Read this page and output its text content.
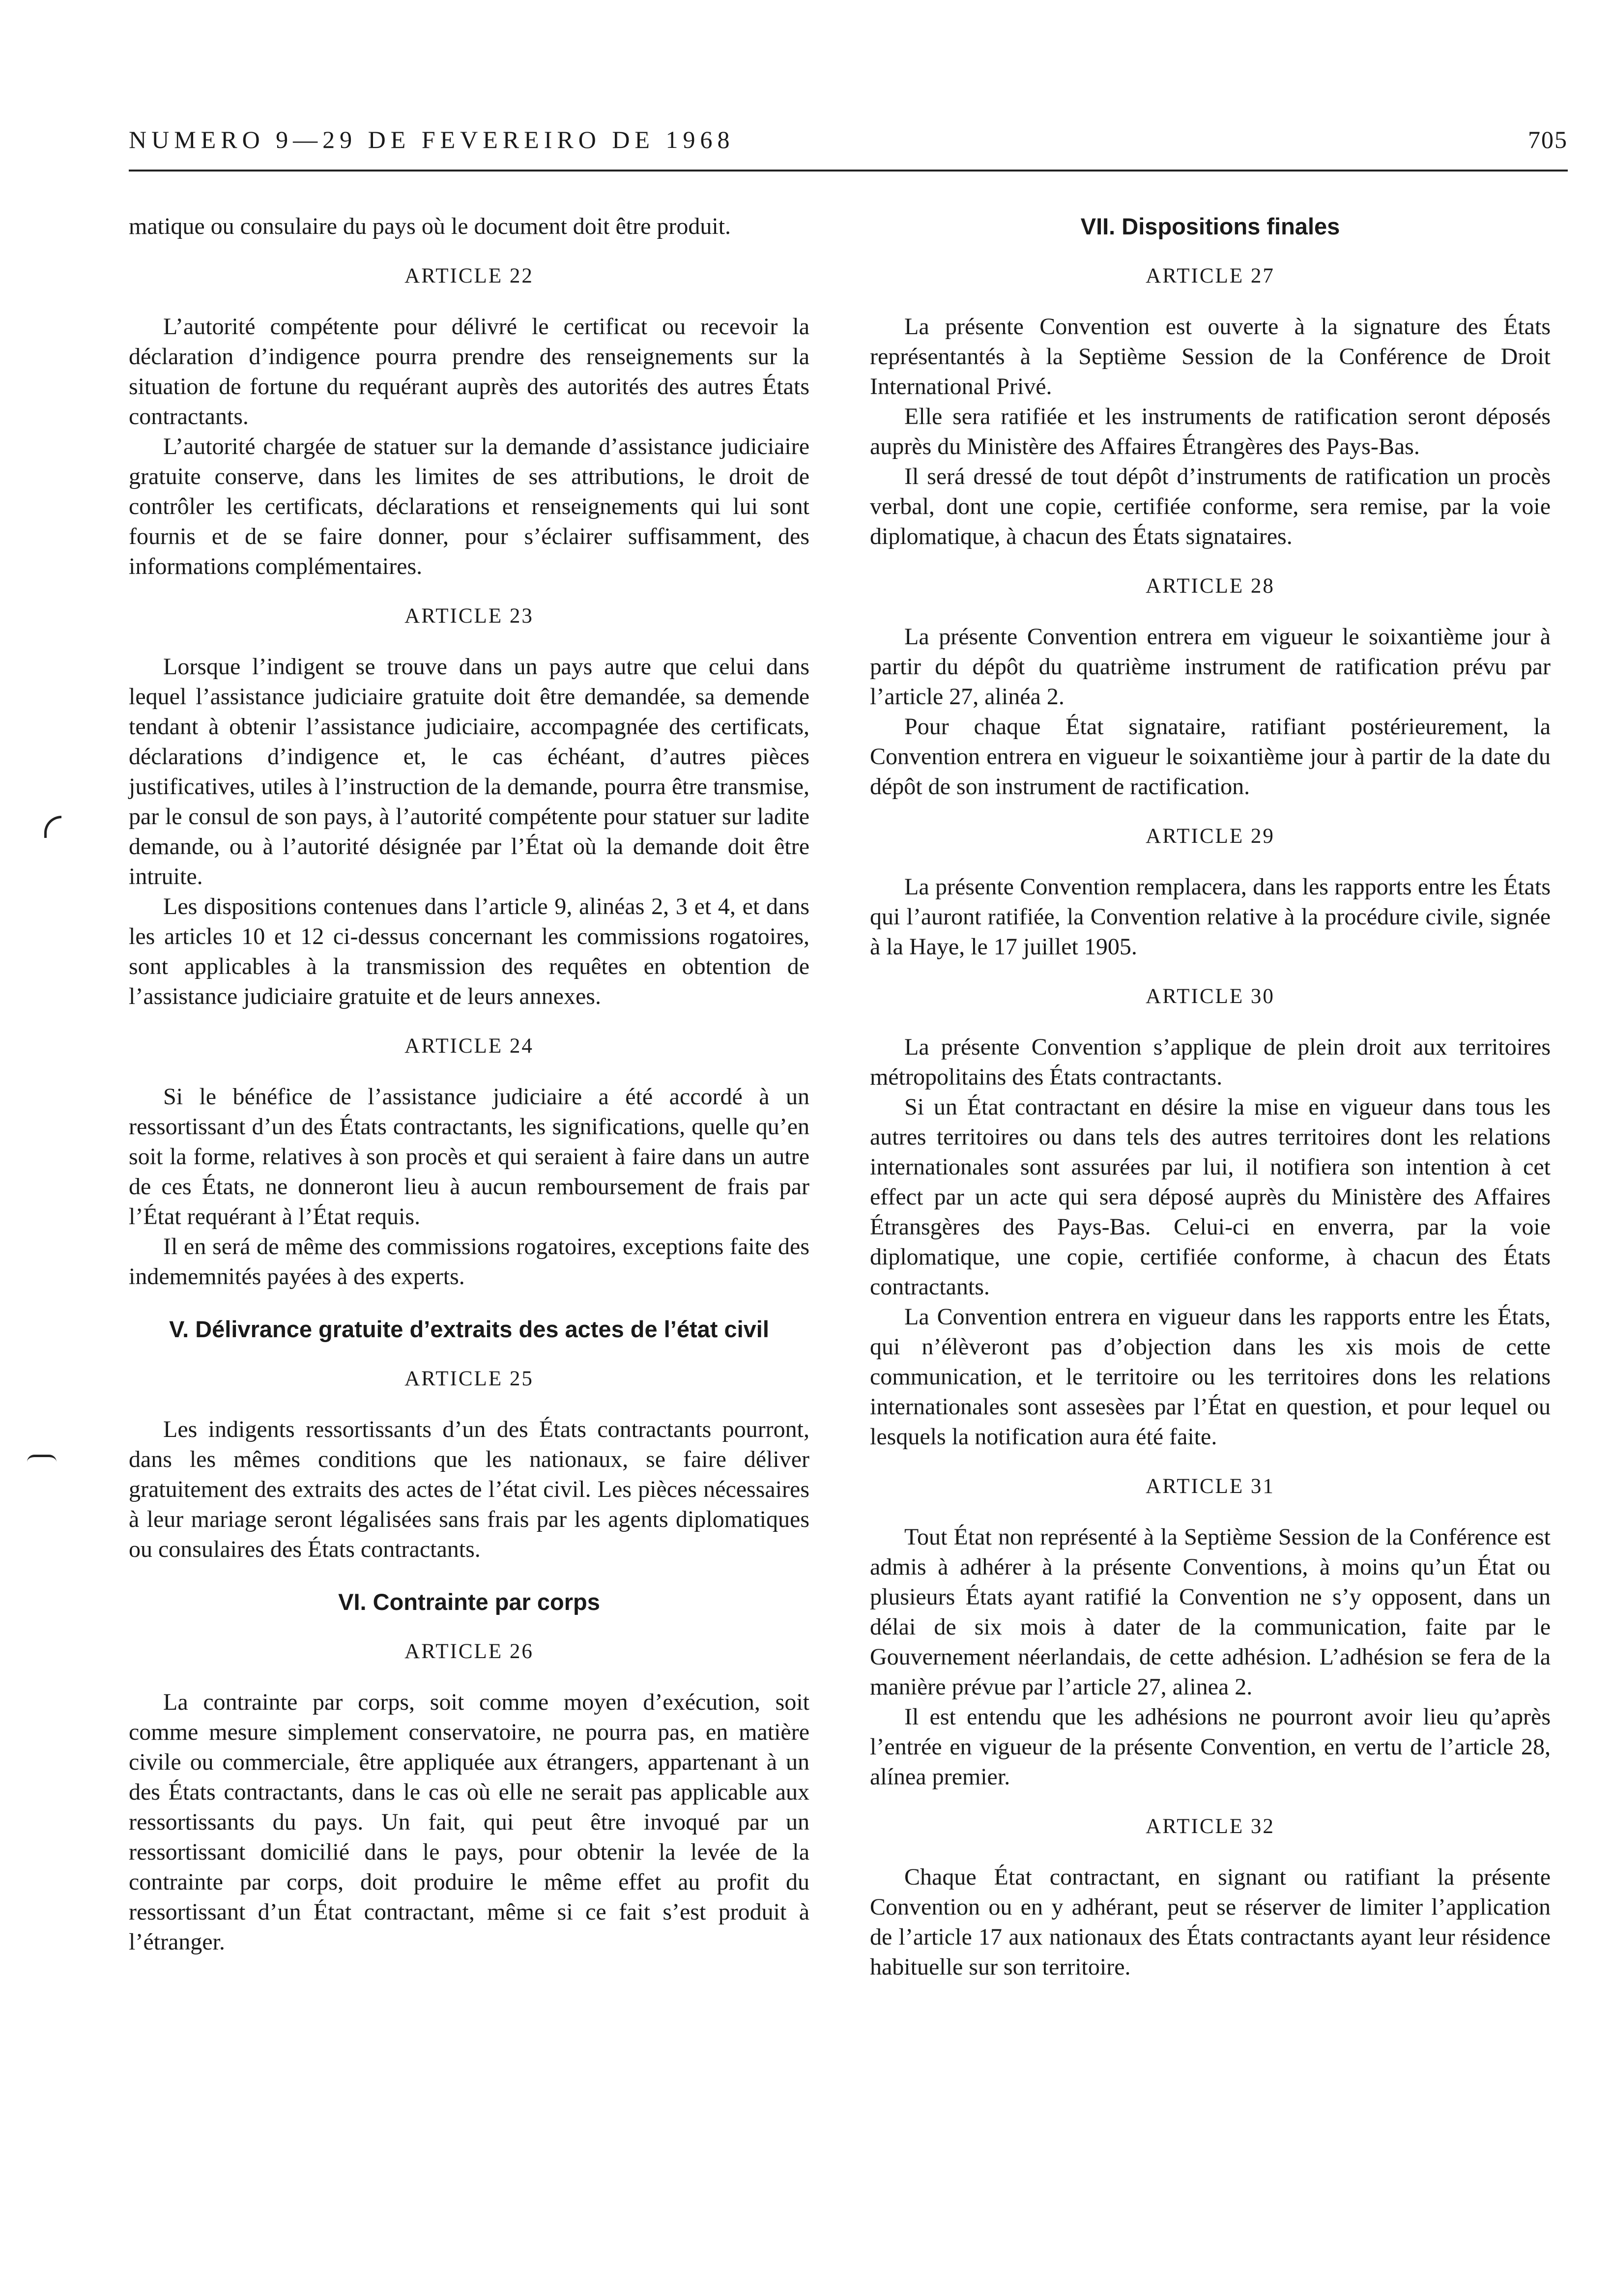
NUMERO 9—29 DE FEVEREIRO DE 1968	705

matique ou consulaire du pays où le document doit être produit.

ARTICLE 22

L’autorité compétente pour délivré le certificat ou recevoir la déclaration d’indigence pourra prendre des renseignements sur la situation de fortune du requérant auprès des autorités des autres États contractants.

L’autorité chargée de statuer sur la demande d’assistance judiciaire gratuite conserve, dans les limites de ses attributions, le droit de contrôler les certificats, déclarations et renseignements qui lui sont fournis et de se faire donner, pour s’éclairer suffisamment, des informations complémentaires.

ARTICLE 23

Lorsque l’indigent se trouve dans un pays autre que celui dans lequel l’assistance judiciaire gratuite doit être demandée, sa demende tendant à obtenir l’assistance judiciaire, accompagnée des certificats, déclarations d’indigence et, le cas échéant, d’autres pièces justificatives, utiles à l’instruction de la demande, pourra être transmise, par le consul de son pays, à l’autorité compétente pour statuer sur ladite demande, ou à l’autorité désignée par l’État où la demande doit être intruite.

Les dispositions contenues dans l’article 9, alinéas 2, 3 et 4, et dans les articles 10 et 12 ci-dessus concernant les commissions rogatoires, sont applicables à la transmission des requêtes en obtention de l’assistance judiciaire gratuite et de leurs annexes.

ARTICLE 24

Si le bénéfice de l’assistance judiciaire a été accordé à un ressortissant d’un des États contractants, les significations, quelle qu’en soit la forme, relatives à son procès et qui seraient à faire dans un autre de ces États, ne donneront lieu à aucun remboursement de frais par l’État requérant à l’État requis.

Il en será de même des commissions rogatoires, exceptions faite des indememnités payées à des experts.

V. Délivrance gratuite d’extraits des actes de l’état civil
ARTICLE 25

Les indigents ressortissants d’un des États contractants pourront, dans les mêmes conditions que les nationaux, se faire déliver gratuitement des extraits des actes de l’état civil. Les pièces nécessaires à leur mariage seront légalisées sans frais par les agents diplomatiques ou consulaires des États contractants.

VI. Contrainte par corps
ARTICLE 26

La contrainte par corps, soit comme moyen d’exécution, soit comme mesure simplement conservatoire, ne pourra pas, en matière civile ou commerciale, être appliquée aux étrangers, appartenant à un des États contractants, dans le cas où elle ne serait pas applicable aux ressortissants du pays. Un fait, qui peut être invoqué par un ressortissant domicilié dans le pays, pour obtenir la levée de la contrainte par corps, doit produire le même effet au profit du ressortissant d’un État contractant, même si ce fait s’est produit à l’étranger.

VII. Dispositions finales
ARTICLE 27

La présente Convention est ouverte à la signature des États représentantés à la Septième Session de la Conférence de Droit International Privé.

Elle sera ratifiée et les instruments de ratification seront déposés auprès du Ministère des Affaires Étrangères des Pays-Bas.

Il será dressé de tout dépôt d’instruments de ratification un procès verbal, dont une copie, certifiée conforme, sera remise, par la voie diplomatique, à chacun des États signataires.

ARTICLE 28

La présente Convention entrera em vigueur le soixantième jour à partir du dépôt du quatrième instrument de ratification prévu par l’article 27, alinéa 2.

Pour chaque État signataire, ratifiant postérieurement, la Convention entrera en vigueur le soixantième jour à partir de la date du dépôt de son instrument de ractification.

ARTICLE 29

La présente Convention remplacera, dans les rapports entre les États qui l’auront ratifiée, la Convention relative à la procédure civile, signée à la Haye, le 17 juillet 1905.

ARTICLE 30

La présente Convention s’applique de plein droit aux territoires métropolitains des États contractants.

Si un État contractant en désire la mise en vigueur dans tous les autres territoires ou dans tels des autres territoires dont les relations internationales sont assurées par lui, il notifiera son intention à cet effect par un acte qui sera déposé auprès du Ministère des Affaires Étransgères des Pays-Bas. Celui-ci en enverra, par la voie diplomatique, une copie, certifiée conforme, à chacun des États contractants.

La Convention entrera en vigueur dans les rapports entre les États, qui n’élèveront pas d’objection dans les xis mois de cette communication, et le territoire ou les territoires dons les relations internationales sont assesèes par l’État en question, et pour lequel ou lesquels la notification aura été faite.

ARTICLE 31

Tout État non représenté à la Septième Session de la Conférence est admis à adhérer à la présente Conventions, à moins qu’un État ou plusieurs États ayant ratifié la Convention ne s’y opposent, dans un délai de six mois à dater de la communication, faite par le Gouvernement néerlandais, de cette adhésion. L’adhésion se fera de la manière prévue par l’article 27, alinea 2.

Il est entendu que les adhésions ne pourront avoir lieu qu’après l’entrée en vigueur de la présente Convention, en vertu de l’article 28, alínea premier.

ARTICLE 32

Chaque État contractant, en signant ou ratifiant la présente Convention ou en y adhérant, peut se réserver de limiter l’application de l’article 17 aux nationaux des États contractants ayant leur résidence habituelle sur son territoire.
